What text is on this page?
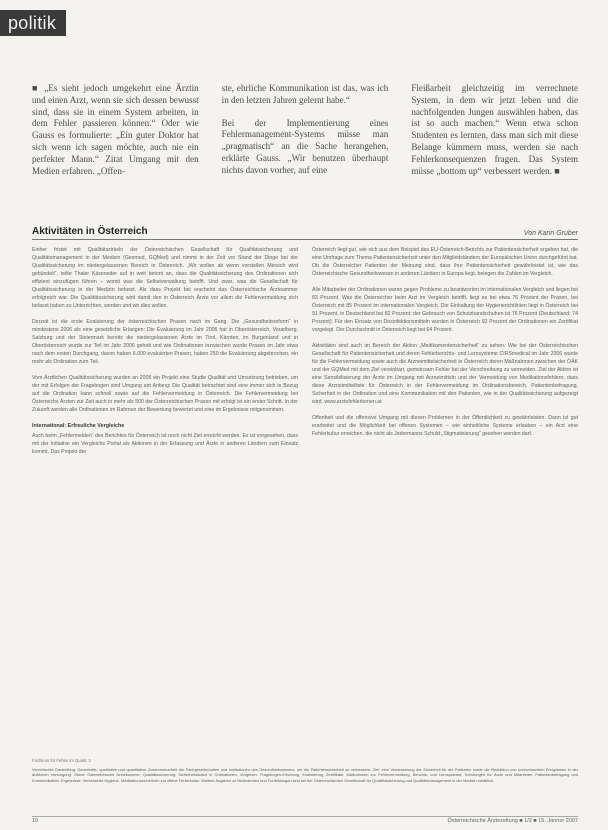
politik

■ „Es sieht jedoch umgekehrt eine Ärztin und einen Arzt, wenn sie sich dessen bewusst sind, dass sie in einem System arbeiten, in dem Fehler passieren können.“ Oder wie Gauss es formulierte: „Ein guter Doktor hat sich wenn ich sagen möchte, auch nie ein perfekter Mann.“ Zitat Umgang mit den Medien erfahren. „Offen-

ste, ehrliche Kommunikation ist das, was ich in den letzten Jahren gelernt habe.“

Bei der Implementierung eines Fehlermanagement-Systems müsse man „pragmatisch“ an die Sache herangehen, erklärte Gauss. „Wir benutzen überhaupt nichts davon vorher, auf eine

Fleißarbeit gleichzeitig im verrechnete System, in dem wir jetzt leben und die nachfolgenden Jungen auswählen haben, das ist so auch machen.“ Wenn etwa schon Studenten es lernten, dass man sich mit diese Belange kümmern muss, werden sie nach Fehlerkonsequenzen fragen. Das System müsse „bottom up“ verbessert werden. ■

Aktivitäten in Österreich	Von Karin Gruber

Einher fristet mit Qualitätszirkeln der Österreichischen Gesellschaft für Qualitätssicherung und Qualitätsmanagement in der Medizin (Gesmed, GQMed) und nimmt in der Zeit vor Stand der Dinge bei der Qualitätssicherung im niedergelassenen Bereich in Österreich. „Wir wollen ab wenn vorstellen Mensch wird gebündelt“, teilte Thaler Käseneder auf in weit betont an, dass die Qualitätssicherung des Ordinationen sich effizient einzufügen führen – womit was die Selbstverwaltung betrifft. Und zwar, was die Gesellschaft für Qualitätssicherung in der Medizin befasst. Als dass Projekt bei erscheint das Österreichische Ärzteammer erfolgreich war. Die Qualitätssicherung wird damit den in Österreich Ärzte vor allem die Fehlervermeidung sich befasst haben zu Unterrichten, werden und wir dies wollen.

Derzeit ist die erste Evaluierung der österreichischen Praxen nach im Gang. Die „Gesundheitsreform“ in mindestens 2006 als eine gesetzliche Erlangen: Die Evaluierung im Jahr 2006 hat in Oberösterreich, Vorarlberg, Salzburg und der Steiermark bereits die niedergelassenen Ärzte im Tirol, Kärnten, im Burgenland und in Oberösterreich wurde zur Teil im Jahr 2006 geholt und wie Ordinationen inzwischen wurde Praxen im Jahr etwa nach dem ersten Durchgang, davon haben 6.000 evaluierten Praxen, haben 250 die Evaluierung abgebrochen, ein mehr als Ordination zum Teil.

Vom Ärztlichen Qualitätssicherung wurden an 2005 ein Projekt eine Studie Qualität und Umsetzung betrieben, um der mit Erfolgen der Fragebogen sind Umgang am Anfang: Die Qualität betrachtet sind eine immer sich in Bezug auf die Ordination kann schnell sowie auf die Fehlervermeidung in Österreich. Die Fehlervermeidung bei Österreichs Ärzten zur Zeit auch in mehr als 500 der Österreichischen Praxen mit erfolgt ist ein erster Schritt. In der Zukunft werden alle Ordinationen im Rahmen der Bewertung bewertet und eine im Ergebnisse mitgenommen.

International: Erfreuliche Vergleiche

Auch beim „Fehlermelden“ des Berichtes für Österreich ist noch nicht Ziel erreicht werden. Es ist vorgesehen, dass mit der Initiative ein Vergleichs Portal als Aktionen in der Erfassung und Ärzte in anderen Ländern zum Einsatz kommt. Das Projekt der

Österreich liegt gut, wie sich aus dem Beispiel des EU-Österreich-Berichts zur Patientensicherheit ergeben hat, die eine Umfrage zum Thema Patientensicherheit unter den Mitgliedsländern der Europäischen Union durchgeführt hat. Ob die Österreicher Patienten der Meinung sind, dass ihre Patientensicherheit gewährleistet ist, wie das Österreichische Gesundheitswesen in anderen Ländern in Europa liegt, belegen die Zahlen im Vergleich.

Alle Mitarbeiter der Ordinationen waren gegen Probleme zu beantworten im internationalen Vergleich und liegen bei 83 Prozent. Was die Österreicher beim Arzt im Vergleich betrifft, liegt es bei etwa 76 Prozent der Praxen, bei Österreich mit 85 Prozent im internationalen Vergleich. Die Einhaltung der Hygienerichtlinien liegt in Österreich bei 91 Prozent, in Deutschland bei 82 Prozent; der Gebrauch von Schutzhandschuhen ist 76 Prozent (Deutschland: 74 Prozent). Für den Einsatz von Desinfektionsmitteln wurden in Österreich 92 Prozent der Ordinationen ein Zertifikat vorgelegt. Der Durchschnitt in Österreich liegt bei 64 Prozent.

Aktivitäten sind auch im Bereich der Aktion „Medikamentensicherheit“ zu sehen. Wie bei der Österreichischen Gesellschaft für Patientensicherheit und deren Fehlerberichts- und Lernsysteme CIRSmedical im Jahr 2006 wurde für die Fehlervermeidung sowie auch die Arzneimittelsicherheit in Österreich deren Maßnahmen zwischen der ÖÄK und der GQMed mit dem Ziel vereinbart, gemeinsam Fehler bei der Verschreibung zu vermeiden. Ziel der Aktion ist eine Sensibilisierung der Ärzte im Umgang mit Arzneimitteln und der Vermeidung von Medikationsfehlern; dass diese Arzneimittelliste für Österreich in der Fehlervermeidung im Ordinationsbereich, Patientenbefragung, Sicherheit in der Ordination und eine Kommunikation mit den Patienten, wie in der Qualitätssicherung aufgezeigt wird. www.arztefehlerlernen.at

Offenheit und die offensive Umgang mit diesen Problemen in der Öffentlichkeit zu gewährleisten. Dann ist gut erarbeitet und die Möglichkeit bei offenen Systemen – wie einheitliche Systeme erlauben – ein Arzt eine Fehlerkultur erreichen, die nicht als Jedermanns Schuld „Stigmatisierung“ gesehen werden darf.

Fachkurs für Fehler im Qualit. 3
Vereinfachte Darstellung: Dauerhafte, qualitative und quantitative Zusammenarbeit der Fachgesellschaften und Institutionen des Gesundheitswesens, um die Patientensicherheit zu verbessern; Ziel: eine Verbesserung der Sicherheit für die Patienten sowie die Reduktion von unerwünschten Ereignissen in der ärztlichen Versorgung. Stand: Österreichische Ärztekammer, Qualitätssicherung, Sicherheitskultur in Ordinationen. Vorgehen: Fragebogen-Erhebung, Evaluierung, Zertifikate, Maßnahmen zur Fehlervermeidung, Berichts- und Lernsysteme, Schulungen für Ärzte und Mitarbeiter, Patientenbefragung und Kommunikation. Ergebnisse: Verbesserte Hygiene, Medikationssicherheit und offene Fehlerkultur. Weitere Angaben zu Maßnahmen und Fortbildungen sind bei der Österreichischen Gesellschaft für Qualitätssicherung und Qualitätsmanagement in der Medizin erhältlich.
10	Österreichische Ärztezeitung ■ 1/2 ■ 15. Jänner 2007
